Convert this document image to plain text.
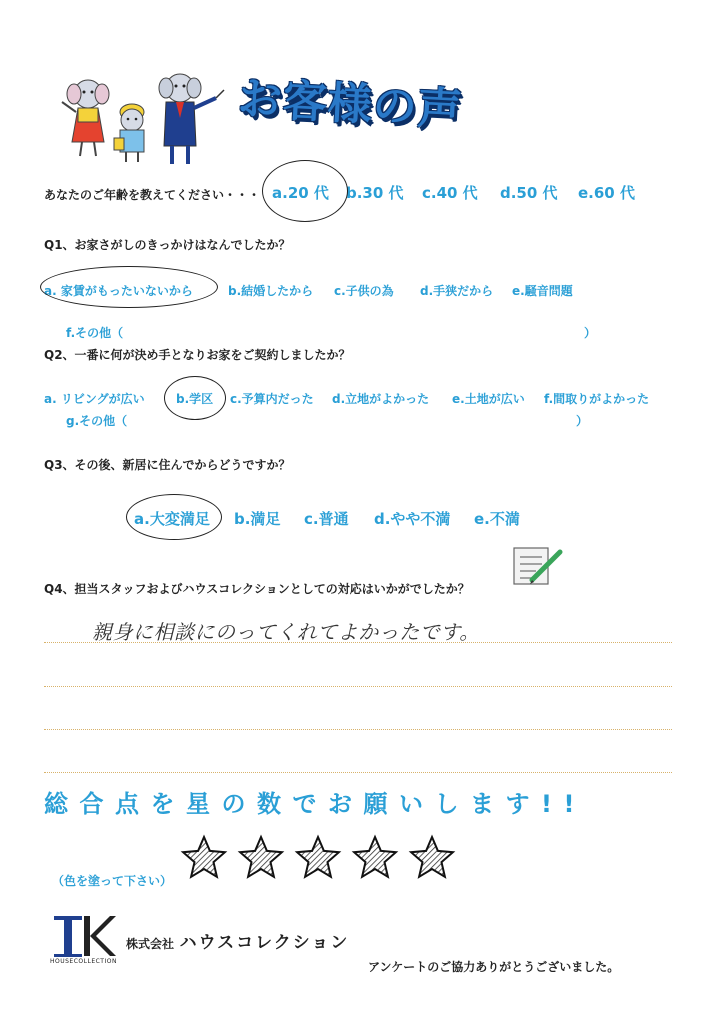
お客様の声
あなたのご年齢を教えてください・・・ a.20 代 b.30 代 c.40 代 d.50 代 e.60 代
Q1、お家さがしのきっかけはなんでしたか？
a. 家賃がもったいないから	b.結婚したから c.子供の為 d.手狭だから e.騒音問題
f.その他（	）
Q2、一番に何が決め手となりお家をご契約しましたか？
a. リビングが広い	b.学区 c.予算内だった d.立地がよかった e.土地が広い f.間取りがよかった
g.その他（	）
Q3、その後、新居に住んでからどうですか？
a.大変満足 b.満足 c.普通 d.やや不満 e.不満
Q4、担当スタッフおよびハウスコレクションとしての対応はいかがでしたか？
親身に相談にのってくれてよかったです。
総合点を星の数でお願いします!!
（色を塗って下さい）
HOUSECOLLECTION
株式会社 ハウスコレクション
アンケートのご協力ありがとうございました。
